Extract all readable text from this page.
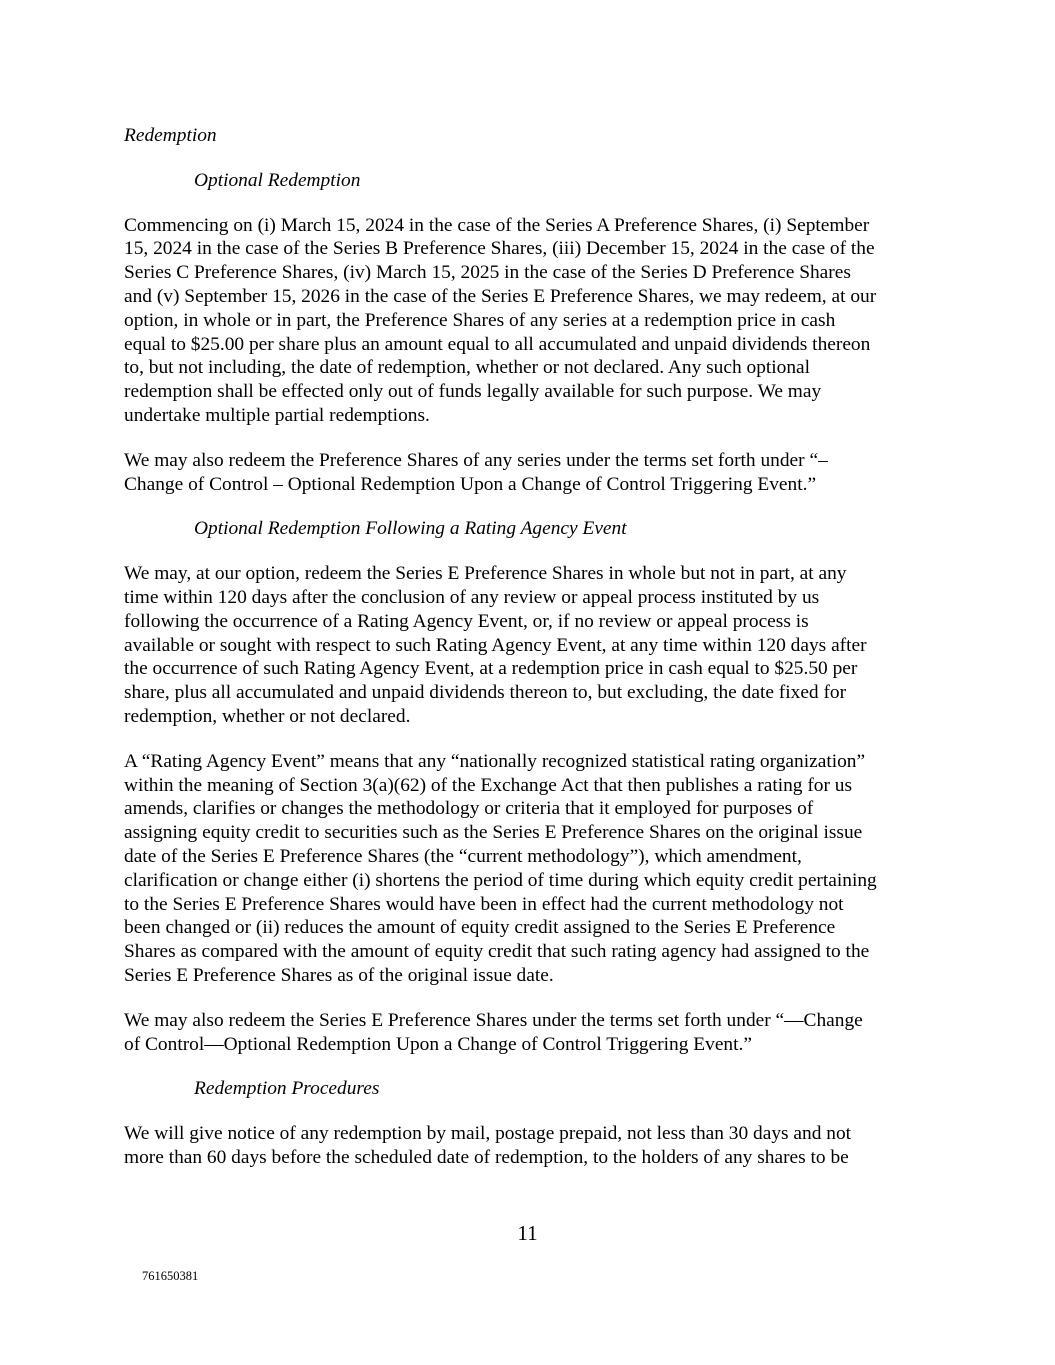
Redemption

Optional Redemption

Commencing on (i) March 15, 2024 in the case of the Series A Preference Shares, (i) September
15, 2024 in the case of the Series B Preference Shares, (iii) December 15, 2024 in the case of the
Series C Preference Shares, (iv) March 15, 2025 in the case of the Series D Preference Shares
and (v) September 15, 2026 in the case of the Series E Preference Shares, we may redeem, at our
option, in whole or in part, the Preference Shares of any series at a redemption price in cash
equal to $25.00 per share plus an amount equal to all accumulated and unpaid dividends thereon
to, but not including, the date of redemption, whether or not declared. Any such optional
redemption shall be effected only out of funds legally available for such purpose. We may
undertake multiple partial redemptions.

We may also redeem the Preference Shares of any series under the terms set forth under “–
Change of Control – Optional Redemption Upon a Change of Control Triggering Event.”

Optional Redemption Following a Rating Agency Event

We may, at our option, redeem the Series E Preference Shares in whole but not in part, at any
time within 120 days after the conclusion of any review or appeal process instituted by us
following the occurrence of a Rating Agency Event, or, if no review or appeal process is
available or sought with respect to such Rating Agency Event, at any time within 120 days after
the occurrence of such Rating Agency Event, at a redemption price in cash equal to $25.50 per
share, plus all accumulated and unpaid dividends thereon to, but excluding, the date fixed for
redemption, whether or not declared.

A “Rating Agency Event” means that any “nationally recognized statistical rating organization”
within the meaning of Section 3(a)(62) of the Exchange Act that then publishes a rating for us
amends, clarifies or changes the methodology or criteria that it employed for purposes of
assigning equity credit to securities such as the Series E Preference Shares on the original issue
date of the Series E Preference Shares (the “current methodology”), which amendment,
clarification or change either (i) shortens the period of time during which equity credit pertaining
to the Series E Preference Shares would have been in effect had the current methodology not
been changed or (ii) reduces the amount of equity credit assigned to the Series E Preference
Shares as compared with the amount of equity credit that such rating agency had assigned to the
Series E Preference Shares as of the original issue date.

We may also redeem the Series E Preference Shares under the terms set forth under “—Change
of Control—Optional Redemption Upon a Change of Control Triggering Event.”

Redemption Procedures

We will give notice of any redemption by mail, postage prepaid, not less than 30 days and not
more than 60 days before the scheduled date of redemption, to the holders of any shares to be

11
761650381
